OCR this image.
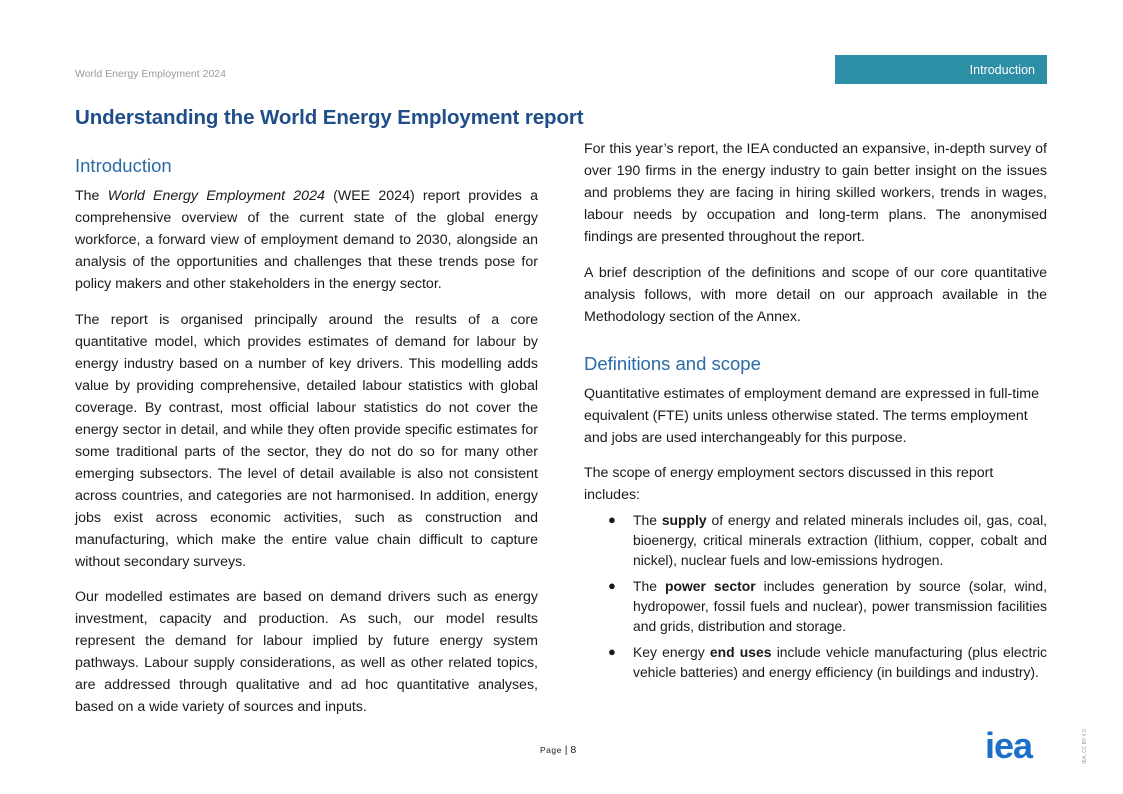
World Energy Employment 2024	Introduction
Understanding the World Energy Employment report
Introduction

The World Energy Employment 2024 (WEE 2024) report provides a comprehensive overview of the current state of the global energy workforce, a forward view of employment demand to 2030, alongside an analysis of the opportunities and challenges that these trends pose for policy makers and other stakeholders in the energy sector.

The report is organised principally around the results of a core quantitative model, which provides estimates of demand for labour by energy industry based on a number of key drivers. This modelling adds value by providing comprehensive, detailed labour statistics with global coverage. By contrast, most official labour statistics do not cover the energy sector in detail, and while they often provide specific estimates for some traditional parts of the sector, they do not do so for many other emerging subsectors. The level of detail available is also not consistent across countries, and categories are not harmonised. In addition, energy jobs exist across economic activities, such as construction and manufacturing, which make the entire value chain difficult to capture without secondary surveys.

Our modelled estimates are based on demand drivers such as energy investment, capacity and production. As such, our model results represent the demand for labour implied by future energy system pathways. Labour supply considerations, as well as other related topics, are addressed through qualitative and ad hoc quantitative analyses, based on a wide variety of sources and inputs.

For this year’s report, the IEA conducted an expansive, in-depth survey of over 190 firms in the energy industry to gain better insight on the issues and problems they are facing in hiring skilled workers, trends in wages, labour needs by occupation and long-term plans. The anonymised findings are presented throughout the report.

A brief description of the definitions and scope of our core quantitative analysis follows, with more detail on our approach available in the Methodology section of the Annex.

Definitions and scope

Quantitative estimates of employment demand are expressed in full-time equivalent (FTE) units unless otherwise stated. The terms employment and jobs are used interchangeably for this purpose.

The scope of energy employment sectors discussed in this report includes:

● The supply of energy and related minerals includes oil, gas, coal, bioenergy, critical minerals extraction (lithium, copper, cobalt and nickel), nuclear fuels and low-emissions hydrogen.
● The power sector includes generation by source (solar, wind, hydropower, fossil fuels and nuclear), power transmission facilities and grids, distribution and storage.
● Key energy end uses include vehicle manufacturing (plus electric vehicle batteries) and energy efficiency (in buildings and industry).
Page | 8	iea	IEA. CC BY 4.0.
